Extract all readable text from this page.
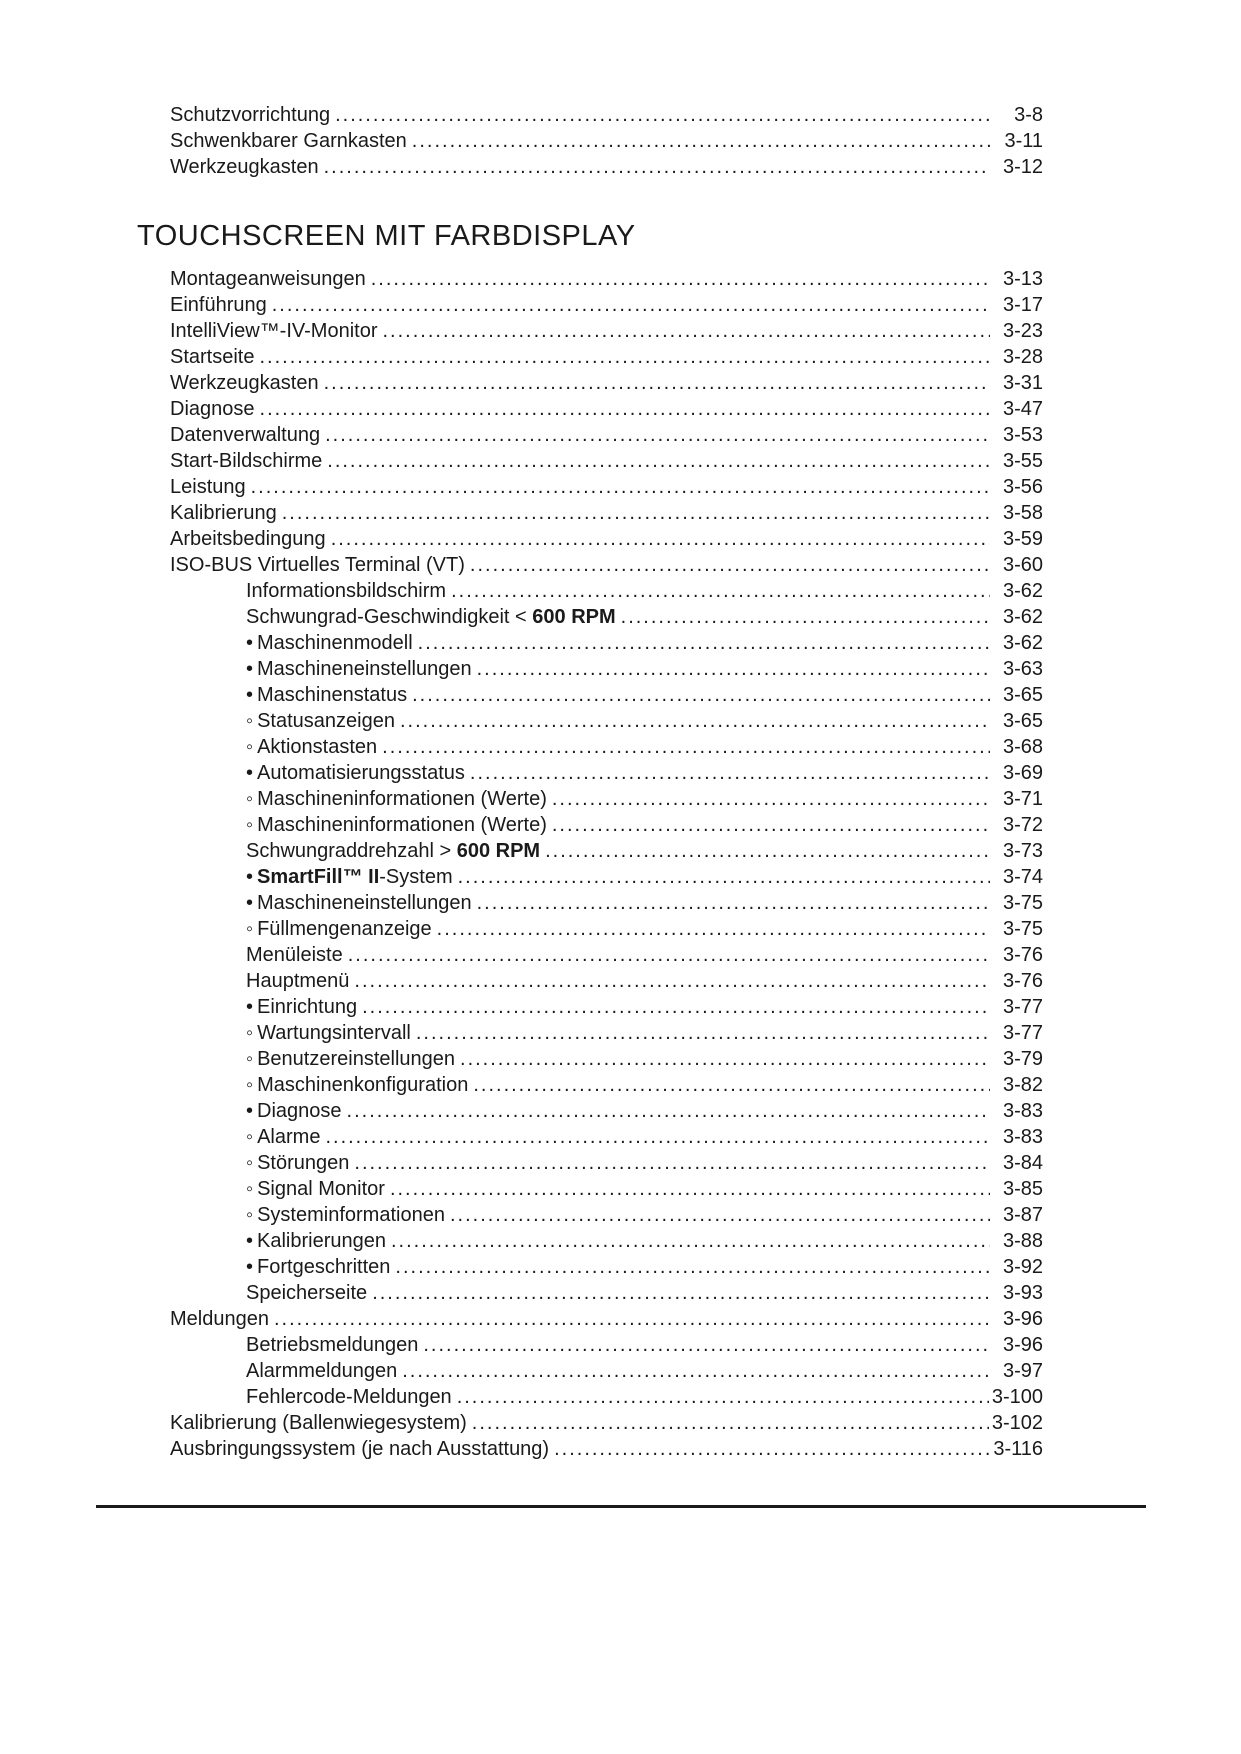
Schutzvorrichtung .....	3-8
Schwenkbarer Garnkasten .....	3-11
Werkzeugkasten .....	3-12
TOUCHSCREEN MIT FARBDISPLAY
Montageanweisungen .....	3-13
Einführung .....	3-17
IntelliView™-IV-Monitor .....	3-23
Startseite .....	3-28
Werkzeugkasten .....	3-31
Diagnose .....	3-47
Datenverwaltung .....	3-53
Start-Bildschirme .....	3-55
Leistung .....	3-56
Kalibrierung .....	3-58
Arbeitsbedingung .....	3-59
ISO-BUS Virtuelles Terminal (VT) .....	3-60
Informationsbildschirm .....	3-62
Schwungrad-Geschwindigkeit < 600 RPM .....	3-62
• Maschinenmodell .....	3-62
• Maschineneinstellungen .....	3-63
• Maschinenstatus .....	3-65
◦ Statusanzeigen .....	3-65
◦ Aktionstasten .....	3-68
• Automatisierungsstatus .....	3-69
◦ Maschineninformationen (Werte) .....	3-71
◦ Maschineninformationen (Werte) .....	3-72
Schwungraddrehzahl > 600 RPM .....	3-73
• SmartFill™ II-System .....	3-74
• Maschineneinstellungen .....	3-75
◦ Füllmengenanzeige .....	3-75
Menüleiste .....	3-76
Hauptmenü .....	3-76
• Einrichtung .....	3-77
◦ Wartungsintervall .....	3-77
◦ Benutzereinstellungen .....	3-79
◦ Maschinenkonfiguration .....	3-82
• Diagnose .....	3-83
◦ Alarme .....	3-83
◦ Störungen .....	3-84
◦ Signal Monitor .....	3-85
◦ Systeminformationen .....	3-87
• Kalibrierungen .....	3-88
• Fortgeschritten .....	3-92
Speicherseite .....	3-93
Meldungen .....	3-96
Betriebsmeldungen .....	3-96
Alarmmeldungen .....	3-97
Fehlercode-Meldungen .....	3-100
Kalibrierung (Ballenwiegesystem) .....	3-102
Ausbringungssystem (je nach Ausstattung) .....	3-116
